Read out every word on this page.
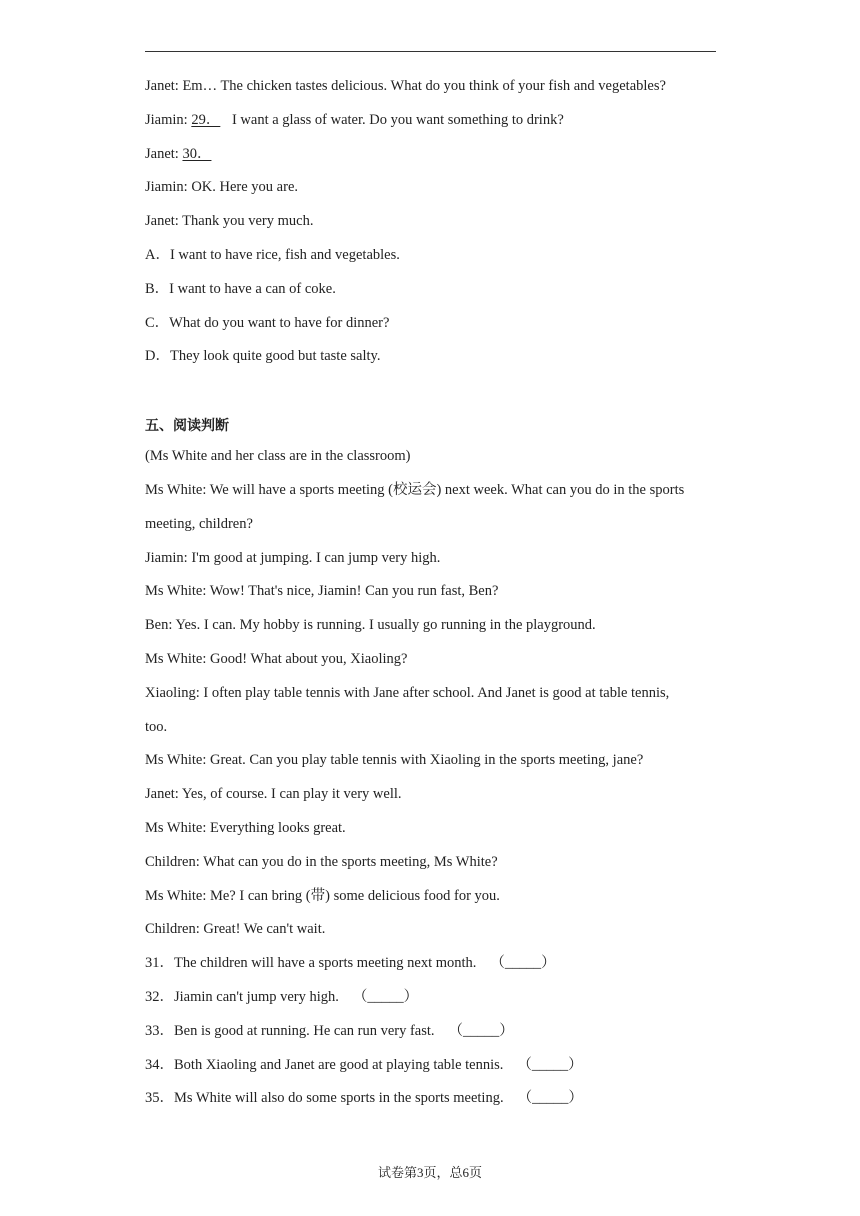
Janet: Em… The chicken tastes delicious. What do you think of your fish and vegetables?
Jiamin: 29． I want a glass of water. Do you want something to drink?
Janet: 30．
Jiamin: OK. Here you are.
Janet: Thank you very much.
A．I want to have rice, fish and vegetables.
B．I want to have a can of coke.
C．What do you want to have for dinner?
D．They look quite good but taste salty.
五、阅读判断
(Ms White and her class are in the classroom)
Ms White: We will have a sports meeting (校运会) next week. What can you do in the sports
meeting, children?
Jiamin: I'm good at jumping. I can jump very high.
Ms White: Wow! That's nice, Jiamin! Can you run fast, Ben?
Ben: Yes. I can. My hobby is running. I usually go running in the playground.
Ms White: Good! What about you, Xiaoling?
Xiaoling: I often play table tennis with Jane after school. And Janet is good at table tennis,
too.
Ms White: Great. Can you play table tennis with Xiaoling in the sports meeting, jane?
Janet: Yes, of course. I can play it very well.
Ms White: Everything looks great.
Children: What can you do in the sports meeting, Ms White?
Ms White: Me? I can bring (带) some delicious food for you.
Children: Great! We can't wait.
31．The children will have a sports meeting next month. （_____）
32．Jiamin can't jump very high. （_____）
33．Ben is good at running. He can run very fast. （_____）
34．Both Xiaoling and Janet are good at playing table tennis. （_____）
35．Ms White will also do some sports in the sports meeting. （_____）
试卷第3页，总6页
